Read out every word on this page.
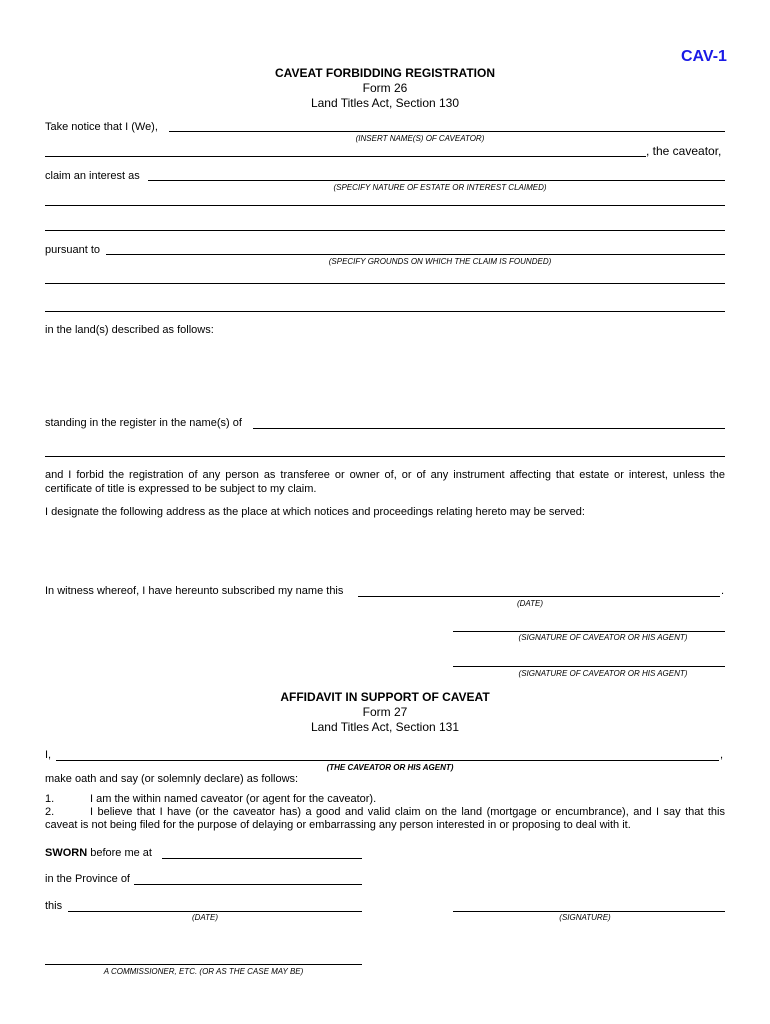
CAV-1
CAVEAT FORBIDDING REGISTRATION
Form 26
Land Titles Act, Section 130
Take notice that I (We),
(INSERT NAME(S) OF CAVEATOR)
, the caveator,
claim an interest as
(SPECIFY NATURE OF ESTATE OR INTEREST CLAIMED)
pursuant to
(SPECIFY GROUNDS ON WHICH THE CLAIM IS FOUNDED)
in the land(s) described as follows:
standing in the register in the name(s) of
and I forbid the registration of any person as transferee or owner of, or of any instrument affecting that estate or interest, unless the certificate of title is expressed to be subject to my claim.
I designate the following address as the place at which notices and proceedings relating hereto may be served:
In witness whereof, I have hereunto subscribed my name this	.
(DATE)
(SIGNATURE OF CAVEATOR OR HIS AGENT)
(SIGNATURE OF CAVEATOR OR HIS AGENT)
AFFIDAVIT IN SUPPORT OF CAVEAT
Form 27
Land Titles Act, Section 131
I,	,
(THE CAVEATOR OR HIS AGENT)
make oath and say (or solemnly declare) as follows:
1.	I am the within named caveator (or agent for the caveator).
2.	I believe that I have (or the caveator has) a good and valid claim on the land (mortgage or encumbrance), and I say that this
caveat is not being filed for the purpose of delaying or embarrassing any person interested in or proposing to deal with it.
SWORN before me at
in the Province of
this
(DATE)	(SIGNATURE)
A COMMISSIONER, ETC. (OR AS THE CASE MAY BE)
